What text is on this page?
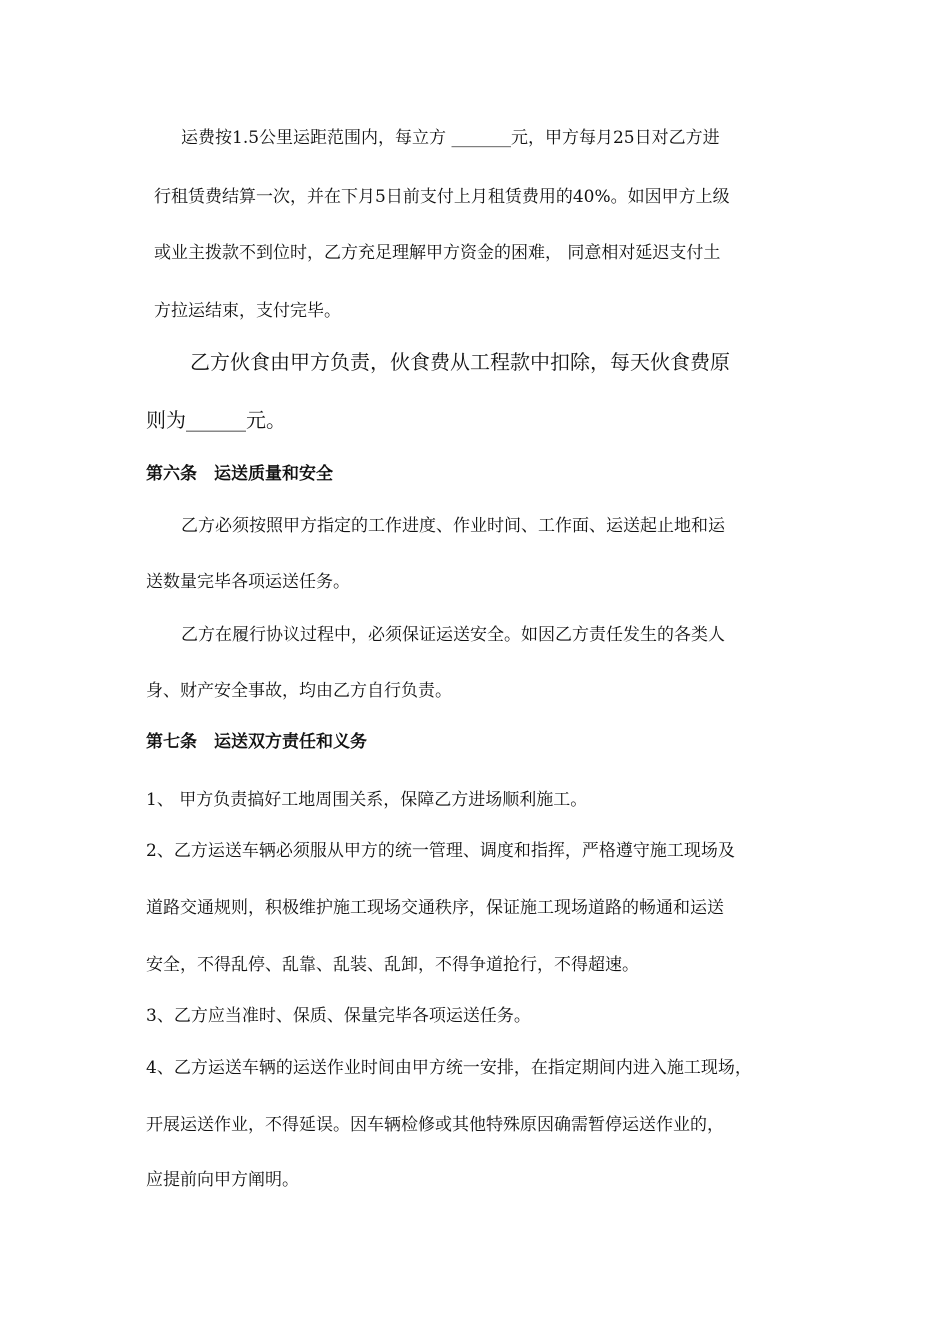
运费按1.5公里运距范围内，每立方 _______元，甲方每月25日对乙方进
行租赁费结算一次，并在下月5日前支付上月租赁费用的40%。如因甲方上级
或业主拨款不到位时，乙方充足理解甲方资金的困难， 同意相对延迟支付土
方拉运结束，支付完毕。
乙方伙食由甲方负责，伙食费从工程款中扣除，每天伙食费原
则为______元。
第六条　运送质量和安全
乙方必须按照甲方指定的工作进度、作业时间、工作面、运送起止地和运
送数量完毕各项运送任务。
乙方在履行协议过程中，必须保证运送安全。如因乙方责任发生的各类人
身、财产安全事故，均由乙方自行负责。
第七条　运送双方责任和义务
1、 甲方负责搞好工地周围关系，保障乙方进场顺利施工。
2、乙方运送车辆必须服从甲方的统一管理、调度和指挥，严格遵守施工现场及
道路交通规则，积极维护施工现场交通秩序，保证施工现场道路的畅通和运送
安全，不得乱停、乱靠、乱装、乱卸，不得争道抢行，不得超速。
3、乙方应当准时、保质、保量完毕各项运送任务。
4、乙方运送车辆的运送作业时间由甲方统一安排，在指定期间内进入施工现场，
开展运送作业，不得延误。因车辆检修或其他特殊原因确需暂停运送作业的，
应提前向甲方阐明。
